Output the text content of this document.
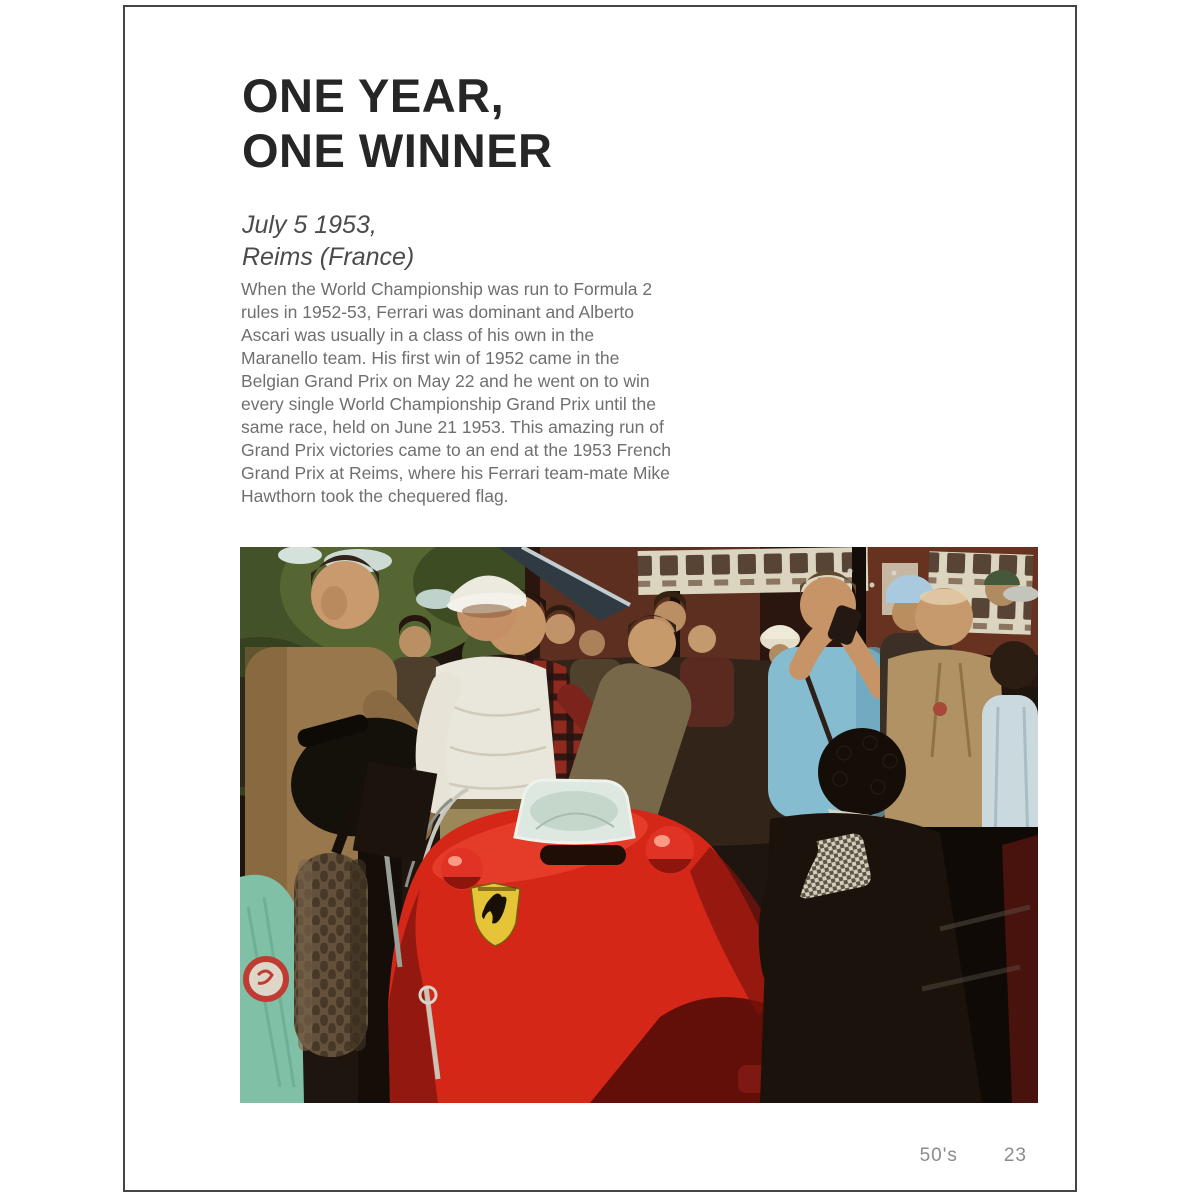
ONE YEAR,
ONE WINNER
July 5 1953,
Reims (France)

When the World Championship was run to Formula 2 rules in 1952-53, Ferrari was dominant and Alberto Ascari was usually in a class of his own in the Maranello team. His first win of 1952 came in the Belgian Grand Prix on May 22 and he went on to win every single World Championship Grand Prix until the same race, held on June 21 1953. This amazing run of Grand Prix victories came to an end at the 1953 French Grand Prix at Reims, where his Ferrari team-mate Mike Hawthorn took the chequered flag.

50's 23
